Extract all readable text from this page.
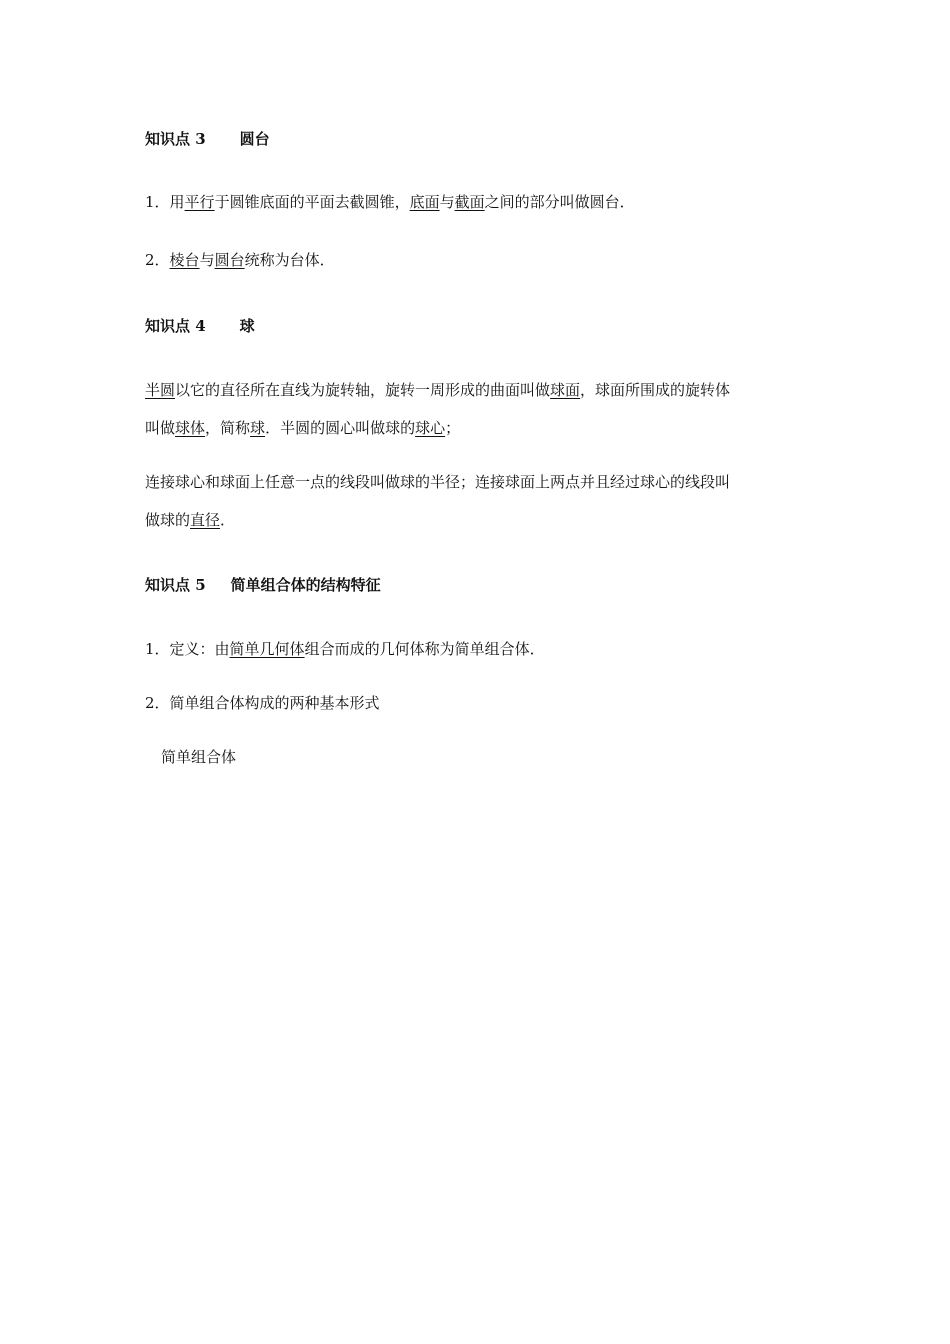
知识点 3 圆台
1．用平行于圆锥底面的平面去截圆锥，底面与截面之间的部分叫做圆台．
2．棱台与圆台统称为台体．
知识点 4 球
半圆以它的直径所在直线为旋转轴，旋转一周形成的曲面叫做球面，球面所围成的旋转体
叫做球体，简称球．半圆的圆心叫做球的球心；
连接球心和球面上任意一点的线段叫做球的半径；连接球面上两点并且经过球心的线段叫
做球的直径．
知识点 5 简单组合体的结构特征
1．定义：由简单几何体组合而成的几何体称为简单组合体．
2．简单组合体构成的两种基本形式
简单组合体
